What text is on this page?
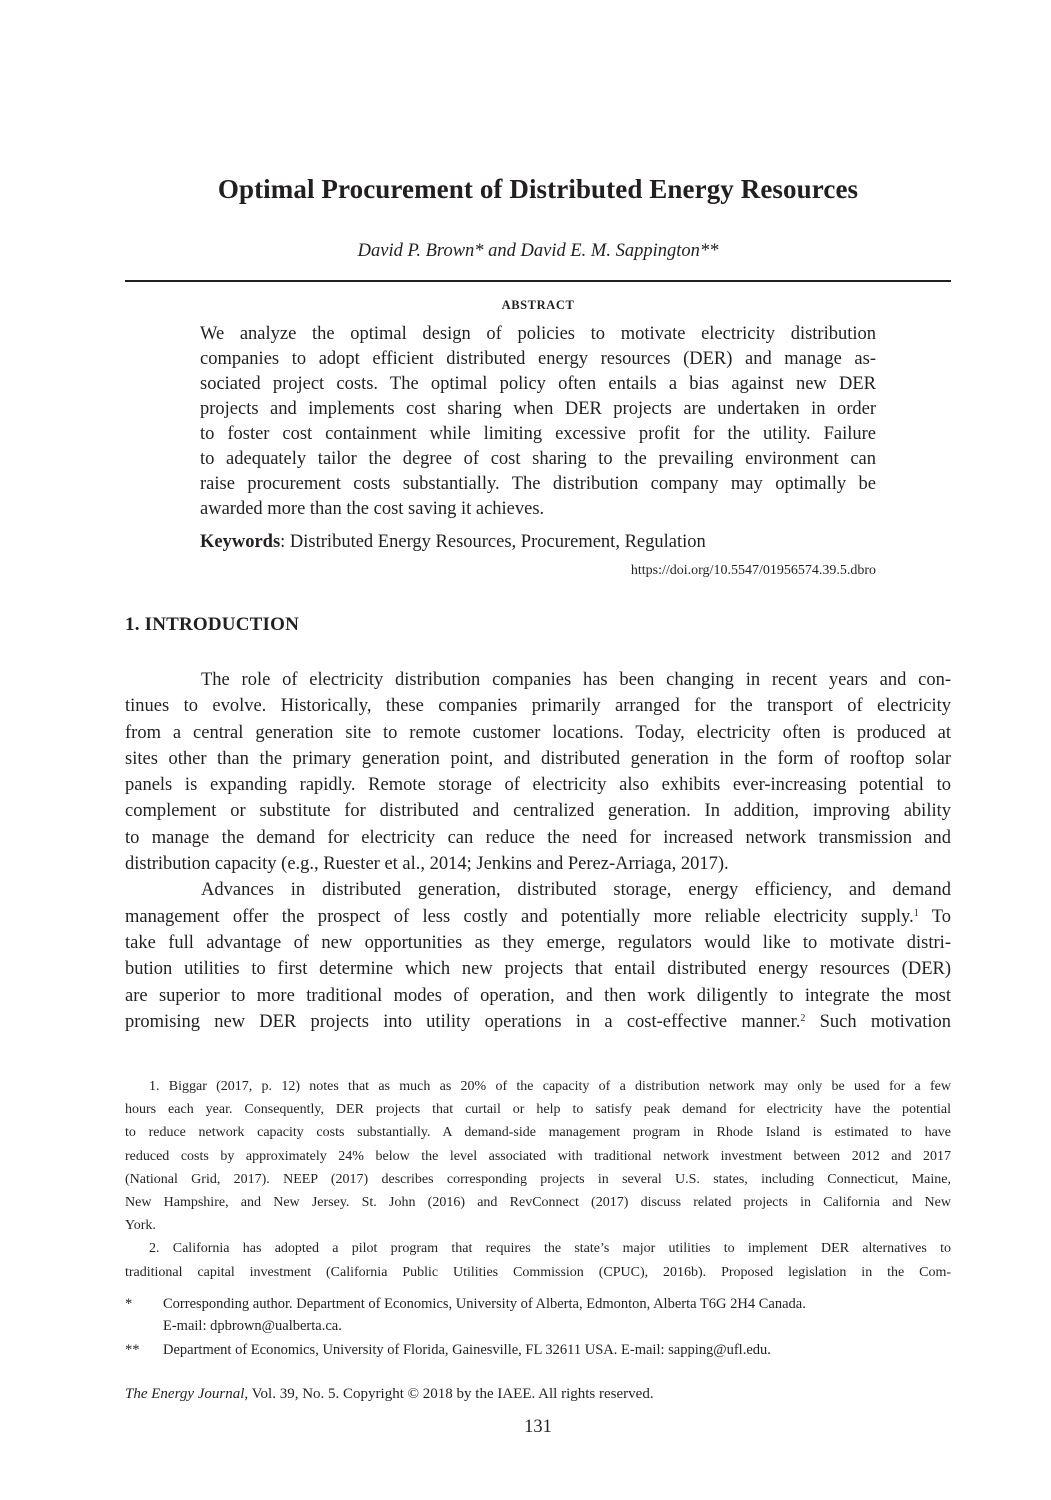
Optimal Procurement of Distributed Energy Resources
David P. Brown* and David E. M. Sappington**
ABSTRACT
We analyze the optimal design of policies to motivate electricity distribution
companies to adopt efficient distributed energy resources (DER) and manage as-
sociated project costs. The optimal policy often entails a bias against new DER
projects and implements cost sharing when DER projects are undertaken in order
to foster cost containment while limiting excessive profit for the utility. Failure
to adequately tailor the degree of cost sharing to the prevailing environment can
raise procurement costs substantially. The distribution company may optimally be
awarded more than the cost saving it achieves.
Keywords: Distributed Energy Resources, Procurement, Regulation
https://doi.org/10.5547/01956574.39.5.dbro
1. INTRODUCTION
The role of electricity distribution companies has been changing in recent years and con-
tinues to evolve. Historically, these companies primarily arranged for the transport of electricity
from a central generation site to remote customer locations. Today, electricity often is produced at
sites other than the primary generation point, and distributed generation in the form of rooftop solar
panels is expanding rapidly. Remote storage of electricity also exhibits ever-increasing potential to
complement or substitute for distributed and centralized generation. In addition, improving ability
to manage the demand for electricity can reduce the need for increased network transmission and
distribution capacity (e.g., Ruester et al., 2014; Jenkins and Perez-Arriaga, 2017).
Advances in distributed generation, distributed storage, energy efficiency, and demand
management offer the prospect of less costly and potentially more reliable electricity supply.$^1$ To
take full advantage of new opportunities as they emerge, regulators would like to motivate distri-
bution utilities to first determine which new projects that entail distributed energy resources (DER)
are superior to more traditional modes of operation, and then work diligently to integrate the most
promising new DER projects into utility operations in a cost-effective manner.$^2$ Such motivation
1. Biggar (2017, p. 12) notes that as much as 20% of the capacity of a distribution network may only be used for a few
hours each year. Consequently, DER projects that curtail or help to satisfy peak demand for electricity have the potential
to reduce network capacity costs substantially. A demand-side management program in Rhode Island is estimated to have
reduced costs by approximately 24% below the level associated with traditional network investment between 2012 and 2017
(National Grid, 2017). NEEP (2017) describes corresponding projects in several U.S. states, including Connecticut, Maine,
New Hampshire, and New Jersey. St. John (2016) and RevConnect (2017) discuss related projects in California and New
York.
2. California has adopted a pilot program that requires the state’s major utilities to implement DER alternatives to
traditional capital investment (California Public Utilities Commission (CPUC), 2016b). Proposed legislation in the Com-
* Corresponding author. Department of Economics, University of Alberta, Edmonton, Alberta T6G 2H4 Canada.
E-mail: dpbrown@ualberta.ca.
** Department of Economics, University of Florida, Gainesville, FL 32611 USA. E-mail: sapping@ufl.edu.
The Energy Journal, Vol. 39, No. 5. Copyright © 2018 by the IAEE. All rights reserved.
131
